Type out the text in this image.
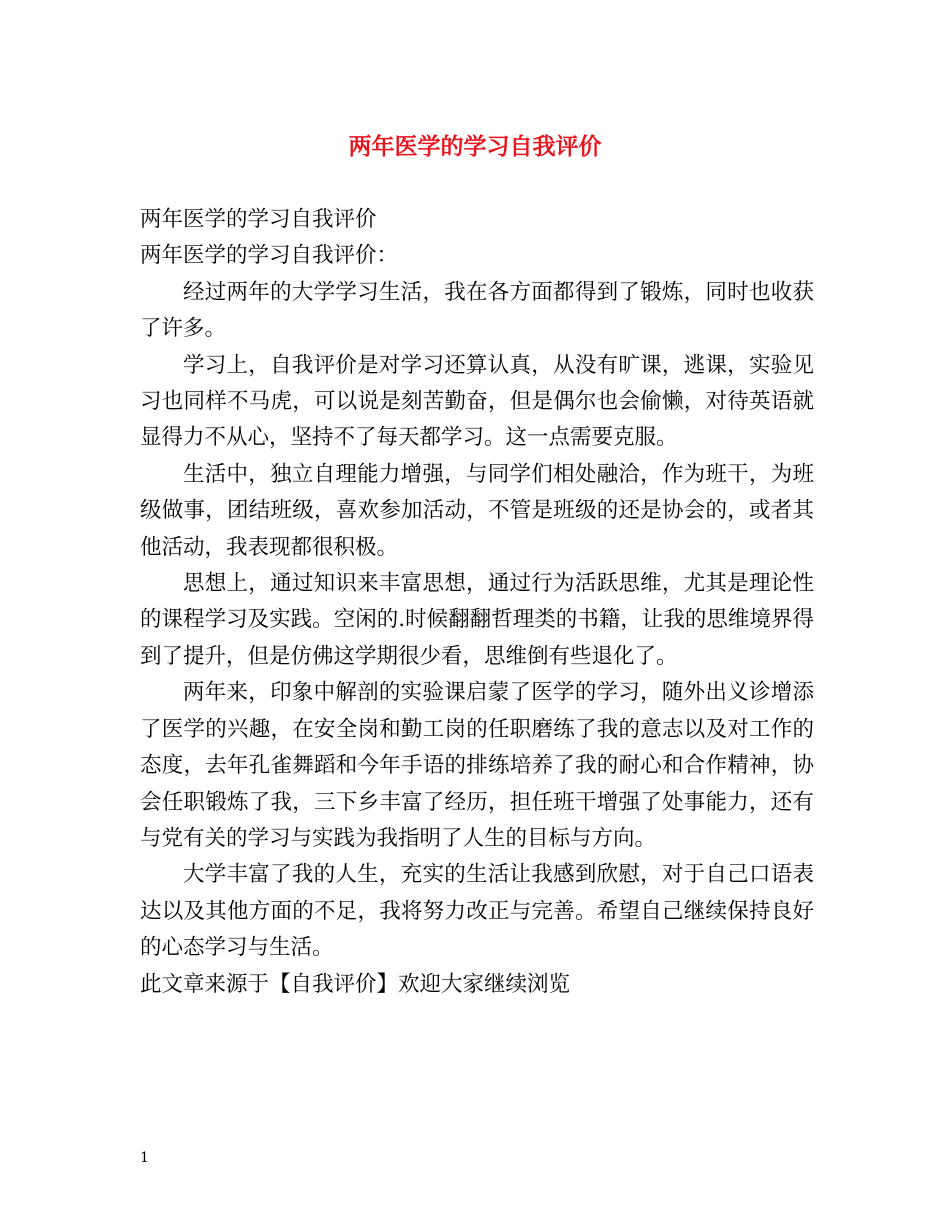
两年医学的学习自我评价

两年医学的学习自我评价

两年医学的学习自我评价：

经过两年的大学学习生活，我在各方面都得到了锻炼，同时也收获了许多。

学习上，自我评价是对学习还算认真，从没有旷课，逃课，实验见习也同样不马虎，可以说是刻苦勤奋，但是偶尔也会偷懒，对待英语就显得力不从心，坚持不了每天都学习。这一点需要克服。

生活中，独立自理能力增强，与同学们相处融洽，作为班干，为班级做事，团结班级，喜欢参加活动，不管是班级的还是协会的，或者其他活动，我表现都很积极。

思想上，通过知识来丰富思想，通过行为活跃思维，尤其是理论性的课程学习及实践。空闲的.时候翻翻哲理类的书籍，让我的思维境界得到了提升，但是仿佛这学期很少看，思维倒有些退化了。

两年来，印象中解剖的实验课启蒙了医学的学习，随外出义诊增添了医学的兴趣，在安全岗和勤工岗的任职磨练了我的意志以及对工作的态度，去年孔雀舞蹈和今年手语的排练培养了我的耐心和合作精神，协会任职锻炼了我，三下乡丰富了经历，担任班干增强了处事能力，还有与党有关的学习与实践为我指明了人生的目标与方向。

大学丰富了我的人生，充实的生活让我感到欣慰，对于自己口语表达以及其他方面的不足，我将努力改正与完善。希望自己继续保持良好的心态学习与生活。

此文章来源于【自我评价】欢迎大家继续浏览

1
